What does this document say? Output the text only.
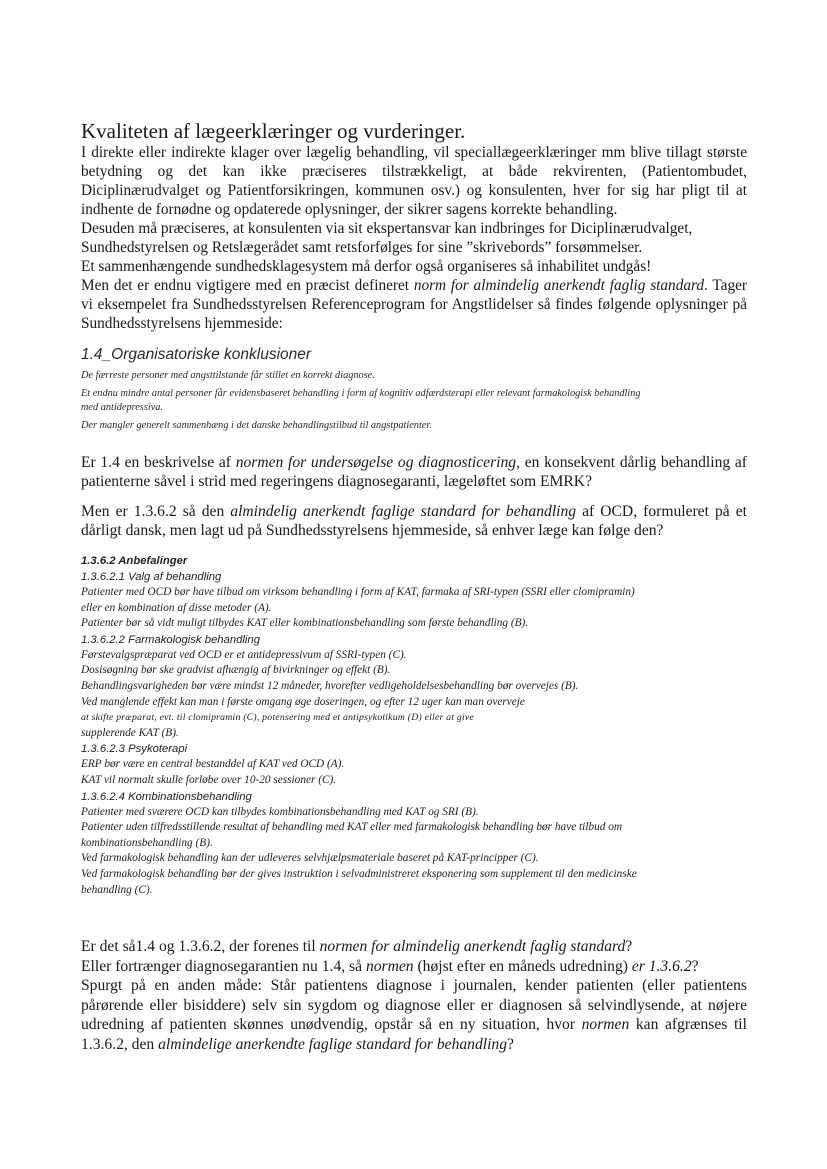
Kvaliteten af lægeerklæringer og vurderinger.

I direkte eller indirekte klager over lægelig behandling, vil speciallægeerklæringer mm blive tillagt største betydning og det kan ikke præciseres tilstrækkeligt, at både rekvirenten, (Patientombudet, Diciplinærudvalget og Patientforsikringen, kommunen osv.) og konsulenten, hver for sig har pligt til at indhente de fornødne og opdaterede oplysninger, der sikrer sagens korrekte behandling.

Desuden må præciseres, at konsulenten via sit ekspertansvar kan indbringes for Diciplinærudvalget, Sundhedstyrelsen og Retslægerådet samt retsforfølges for sine ”skrivebords” forsømmelser.

Et sammenhængende sundhedsklagesystem må derfor også organiseres så inhabilitet undgås!

Men det er endnu vigtigere med en præcist defineret norm for almindelig anerkendt faglig standard. Tager vi eksempelet fra Sundhedsstyrelsen Referenceprogram for Angstlidelser så findes følgende oplysninger på Sundhedsstyrelsens hjemmeside:

1.4_Organisatoriske konklusioner

De færreste personer med angsttilstande får stillet en korrekt diagnose.

Et endnu mindre antal personer får evidensbaseret behandling i form af kognitiv adfærdsterapi eller relevant farmakologisk behandling med antidepressiva.

Der mangler generelt sammenhæng i det danske behandlingstilbud til angstpatienter.

Er 1.4 en beskrivelse af normen for undersøgelse og diagnosticering, en konsekvent dårlig behandling af patienterne såvel i strid med regeringens diagnosegaranti, lægeløftet som EMRK?

Men er 1.3.6.2 så den almindelig anerkendt faglige standard for behandling af OCD, formuleret på et dårligt dansk, men lagt ud på Sundhedsstyrelsens hjemmeside, så enhver læge kan følge den?

1.3.6.2 Anbefalinger
1.3.6.2.1 Valg af behandling

Patienter med OCD bør have tilbud om virksom behandling i form af KAT, farmaka af SRI-typen (SSRI eller clomipramin) eller en kombination af disse metoder (A).

Patienter bør så vidt muligt tilbydes KAT eller kombinationsbehandling som første behandling (B).

1.3.6.2.2 Farmakologisk behandling

Førstevalgspræparat ved OCD er et antidepressivum af SSRI-typen (C).

Dosisøgning bør ske gradvist afhængig af bivirkninger og effekt (B).

Behandlingsvarigheden bør være mindst 12 måneder, hvorefter vedligeholdelsesbehandling bør overvejes (B).

Ved manglende effekt kan man i første omgang øge doseringen, og efter 12 uger kan man overveje

at skifte præparat, evt. til clomipramin (C), potensering med et antipsykotikum (D) eller at give

supplerende KAT (B).

1.3.6.2.3 Psykoterapi

ERP bør være en central bestanddel af KAT ved OCD (A).

KAT vil normalt skulle forløbe over 10-20 sessioner (C).

1.3.6.2.4 Kombinationsbehandling

Patienter med sværere OCD kan tilbydes kombinationsbehandling med KAT og SRI (B).

Patienter uden tilfredsstillende resultat af behandling med KAT eller med farmakologisk behandling bør have tilbud om kombinationsbehandling (B).

Ved farmakologisk behandling kan der udleveres selvhjælpsmateriale baseret på KAT-principper (C).

Ved farmakologisk behandling bør der gives instruktion i selvadministreret eksponering som supplement til den medicinske behandling (C).

Er det så1.4 og 1.3.6.2, der forenes til normen for almindelig anerkendt faglig standard?

Eller fortrænger diagnosegarantien nu 1.4, så normen (højst efter en måneds udredning) er 1.3.6.2?

Spurgt på en anden måde: Står patientens diagnose i journalen, kender patienten (eller patientens pårørende eller bisiddere) selv sin sygdom og diagnose eller er diagnosen så selvindlysende, at nøjere udredning af patienten skønnes unødvendig, opstår så en ny situation, hvor normen kan afgrænses til 1.3.6.2, den almindelige anerkendte faglige standard for behandling?
